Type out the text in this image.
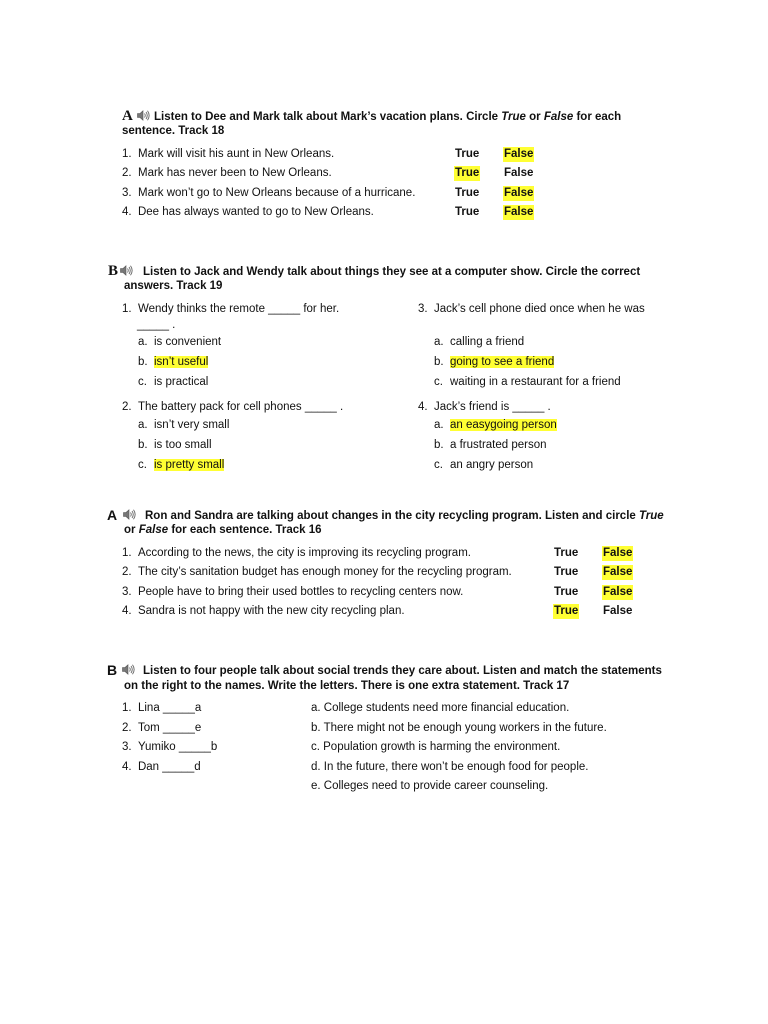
A Listen to Dee and Mark talk about Mark’s vacation plans. Circle True or False for each
sentence. Track 18
1. Mark will visit his aunt in New Orleans.	True False
2. Mark has never been to New Orleans.	True False
3. Mark won’t go to New Orleans because of a hurricane.	True False
4. Dee has always wanted to go to New Orleans.	True False
B Listen to Jack and Wendy talk about things they see at a computer show. Circle the correct
answers. Track 19
1. Wendy thinks the remote _____ for her.
_____ .
a. is convenient
b. isn’t useful
c. is practical
2. The battery pack for cell phones _____ .
a. isn’t very small
b. is too small
c. is pretty small
3. Jack’s cell phone died once when he was
a. calling a friend
b. going to see a friend
c. waiting in a restaurant for a friend
4. Jack’s friend is _____ .
a. an easygoing person
b. a frustrated person
c. an angry person
A Ron and Sandra are talking about changes in the city recycling program. Listen and circle True
or False for each sentence. Track 16
1. According to the news, the city is improving its recycling program.	True False
2. The city’s sanitation budget has enough money for the recycling program.	True False
3. People have to bring their used bottles to recycling centers now.	True False
4. Sandra is not happy with the new city recycling plan.	True False
B Listen to four people talk about social trends they care about. Listen and match the statements
on the right to the names. Write the letters. There is one extra statement. Track 17
1. Lina _____a
2. Tom _____e
3. Yumiko _____b
4. Dan _____d
a. College students need more financial education.
b. There might not be enough young workers in the future.
c. Population growth is harming the environment.
d. In the future, there won’t be enough food for people.
e. Colleges need to provide career counseling.
